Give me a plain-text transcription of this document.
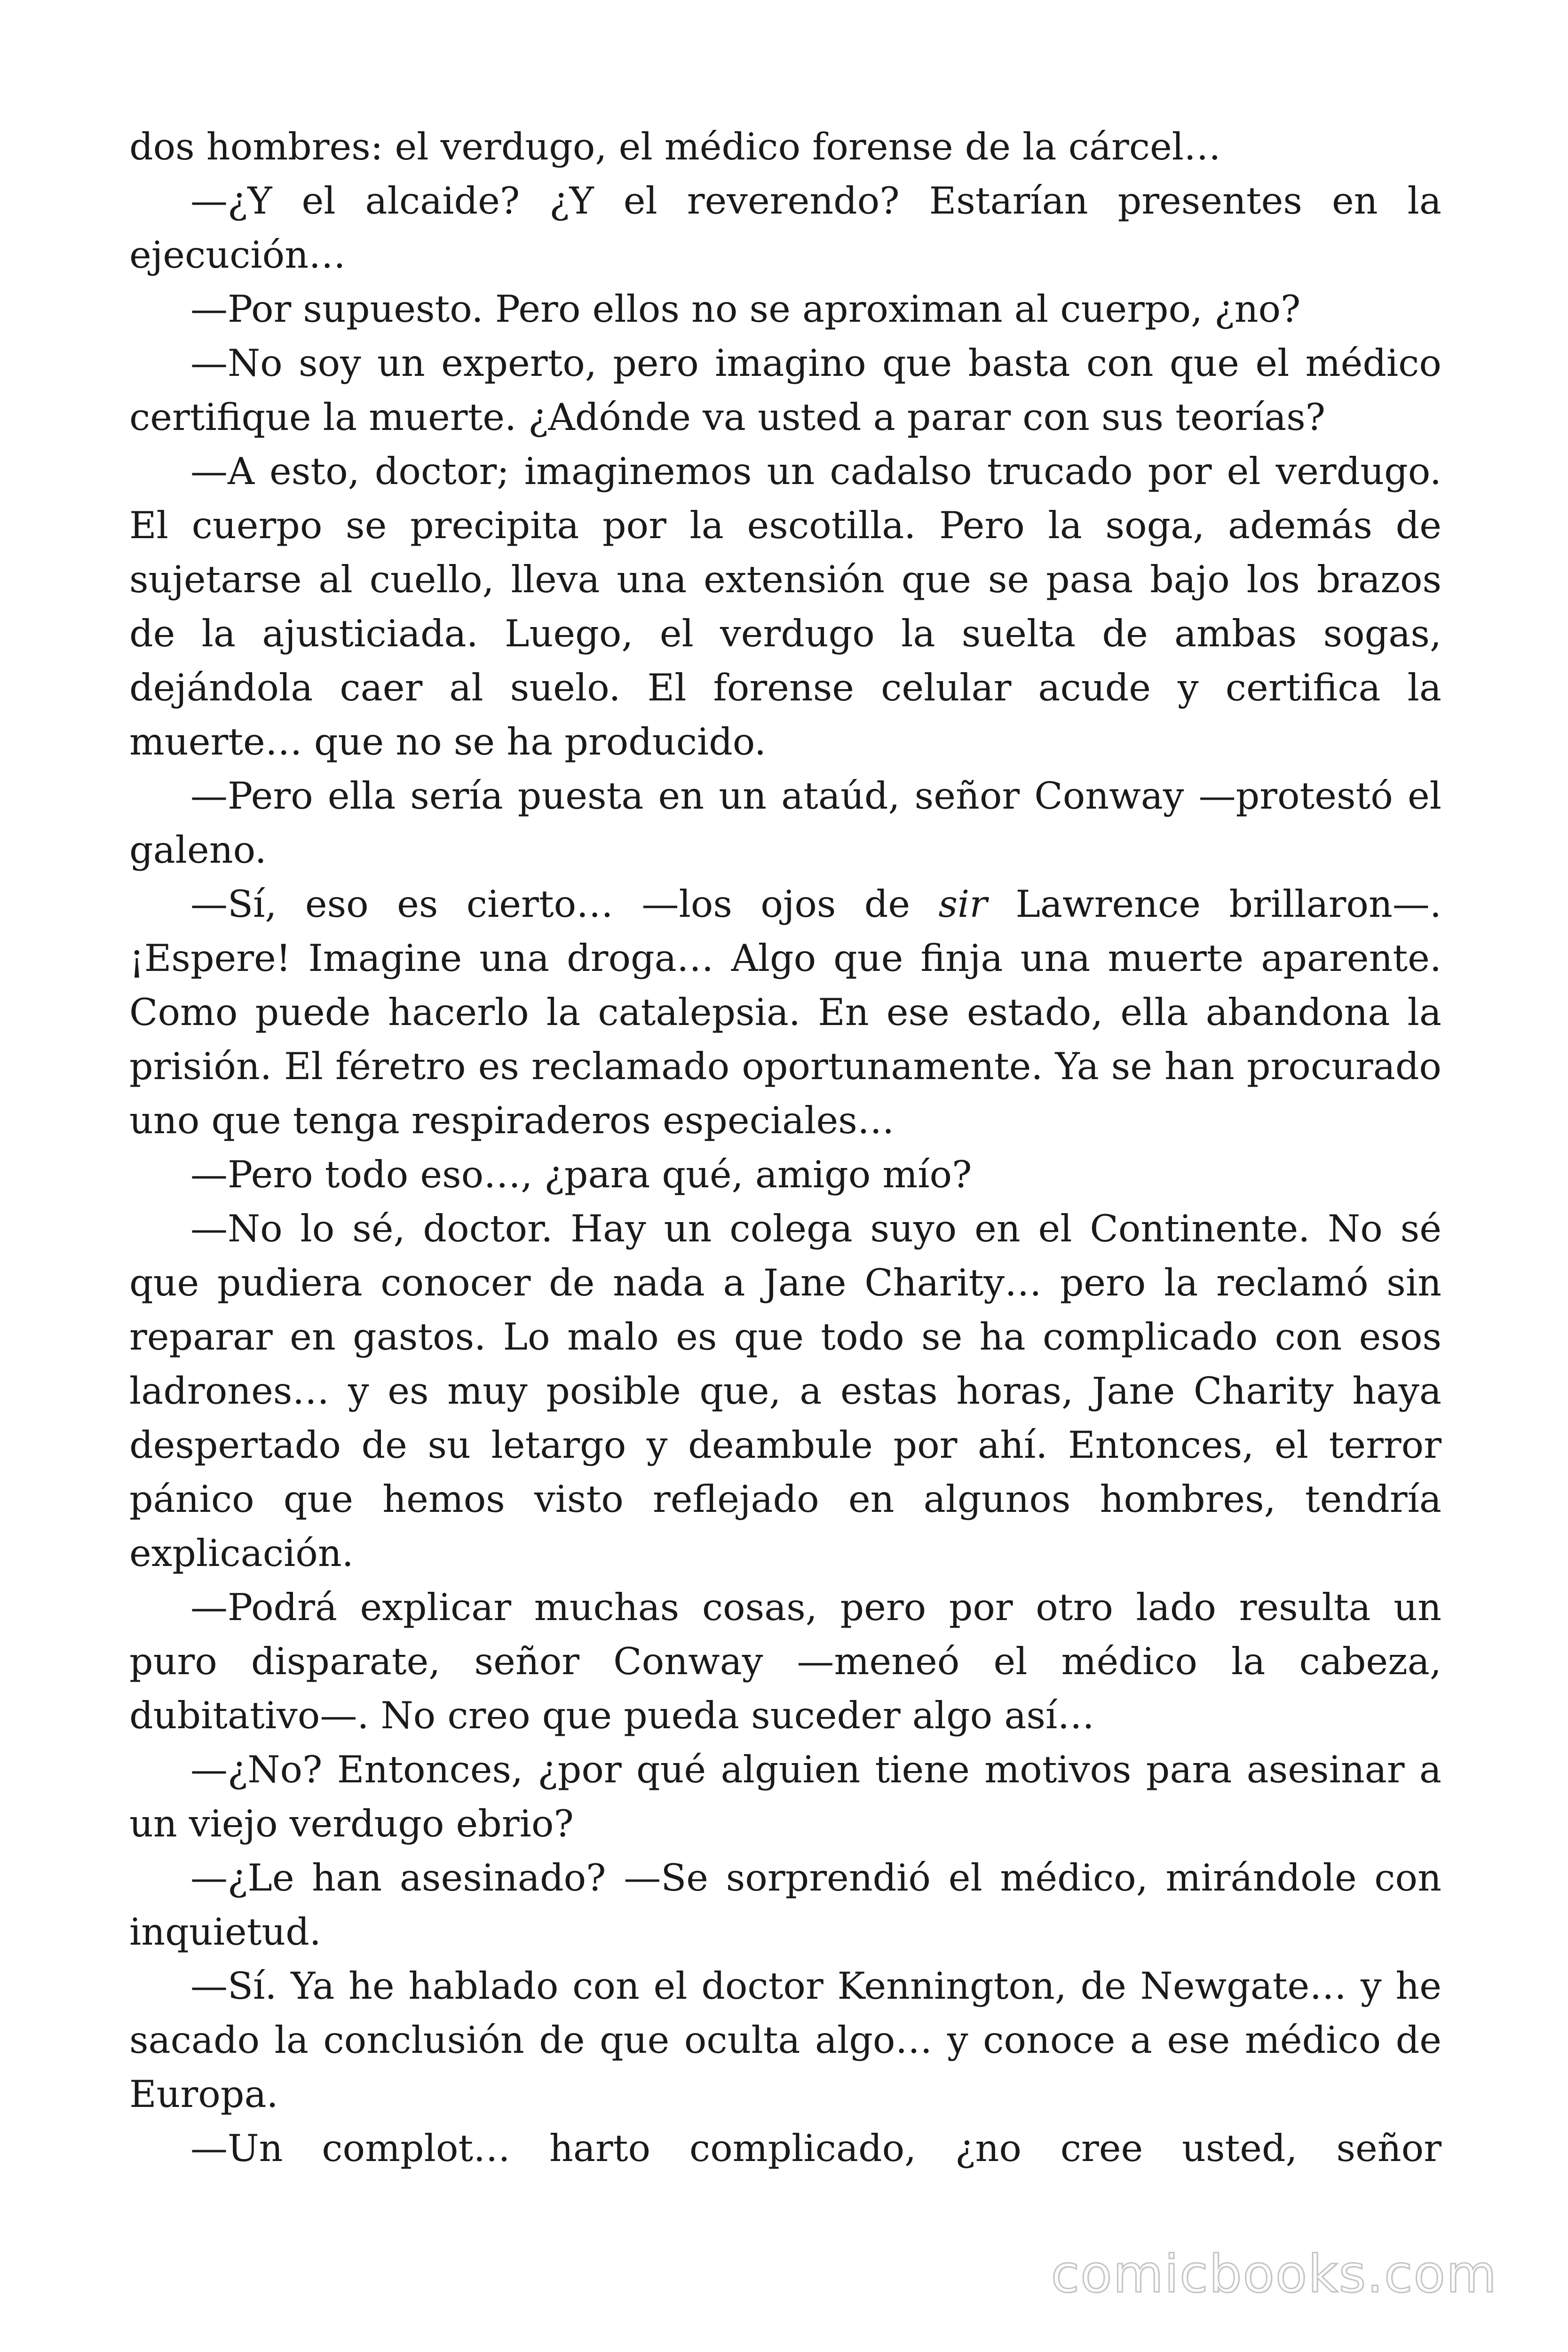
dos hombres: el verdugo, el médico forense de la cárcel…

—¿Y el alcaide? ¿Y el reverendo? Estarían presentes en la ejecución…

—Por supuesto. Pero ellos no se aproximan al cuerpo, ¿no?

—No soy un experto, pero imagino que basta con que el médico certifique la muerte. ¿Adónde va usted a parar con sus teorías?

—A esto, doctor; imaginemos un cadalso trucado por el verdugo. El cuerpo se precipita por la escotilla. Pero la soga, además de sujetarse al cuello, lleva una extensión que se pasa bajo los brazos de la ajusticiada. Luego, el verdugo la suelta de ambas sogas, dejándola caer al suelo. El forense celular acude y certifica la muerte… que no se ha producido.

—Pero ella sería puesta en un ataúd, señor Conway —protestó el galeno.

—Sí, eso es cierto… —los ojos de sir Lawrence brillaron—. ¡Espere! Imagine una droga… Algo que finja una muerte aparente. Como puede hacerlo la catalepsia. En ese estado, ella abandona la prisión. El féretro es reclamado oportunamente. Ya se han procurado uno que tenga respiraderos especiales…

—Pero todo eso…, ¿para qué, amigo mío?

—No lo sé, doctor. Hay un colega suyo en el Continente. No sé que pudiera conocer de nada a Jane Charity… pero la reclamó sin reparar en gastos. Lo malo es que todo se ha complicado con esos ladrones… y es muy posible que, a estas horas, Jane Charity haya despertado de su letargo y deambule por ahí. Entonces, el terror pánico que hemos visto reflejado en algunos hombres, tendría explicación.

—Podrá explicar muchas cosas, pero por otro lado resulta un puro disparate, señor Conway —meneó el médico la cabeza, dubitativo—. No creo que pueda suceder algo así…

—¿No? Entonces, ¿por qué alguien tiene motivos para asesinar a un viejo verdugo ebrio?

—¿Le han asesinado? —Se sorprendió el médico, mirándole con inquietud.

—Sí. Ya he hablado con el doctor Kennington, de Newgate… y he sacado la conclusión de que oculta algo… y conoce a ese médico de Europa.

—Un complot… harto complicado, ¿no cree usted, señor

comicbooks.com
